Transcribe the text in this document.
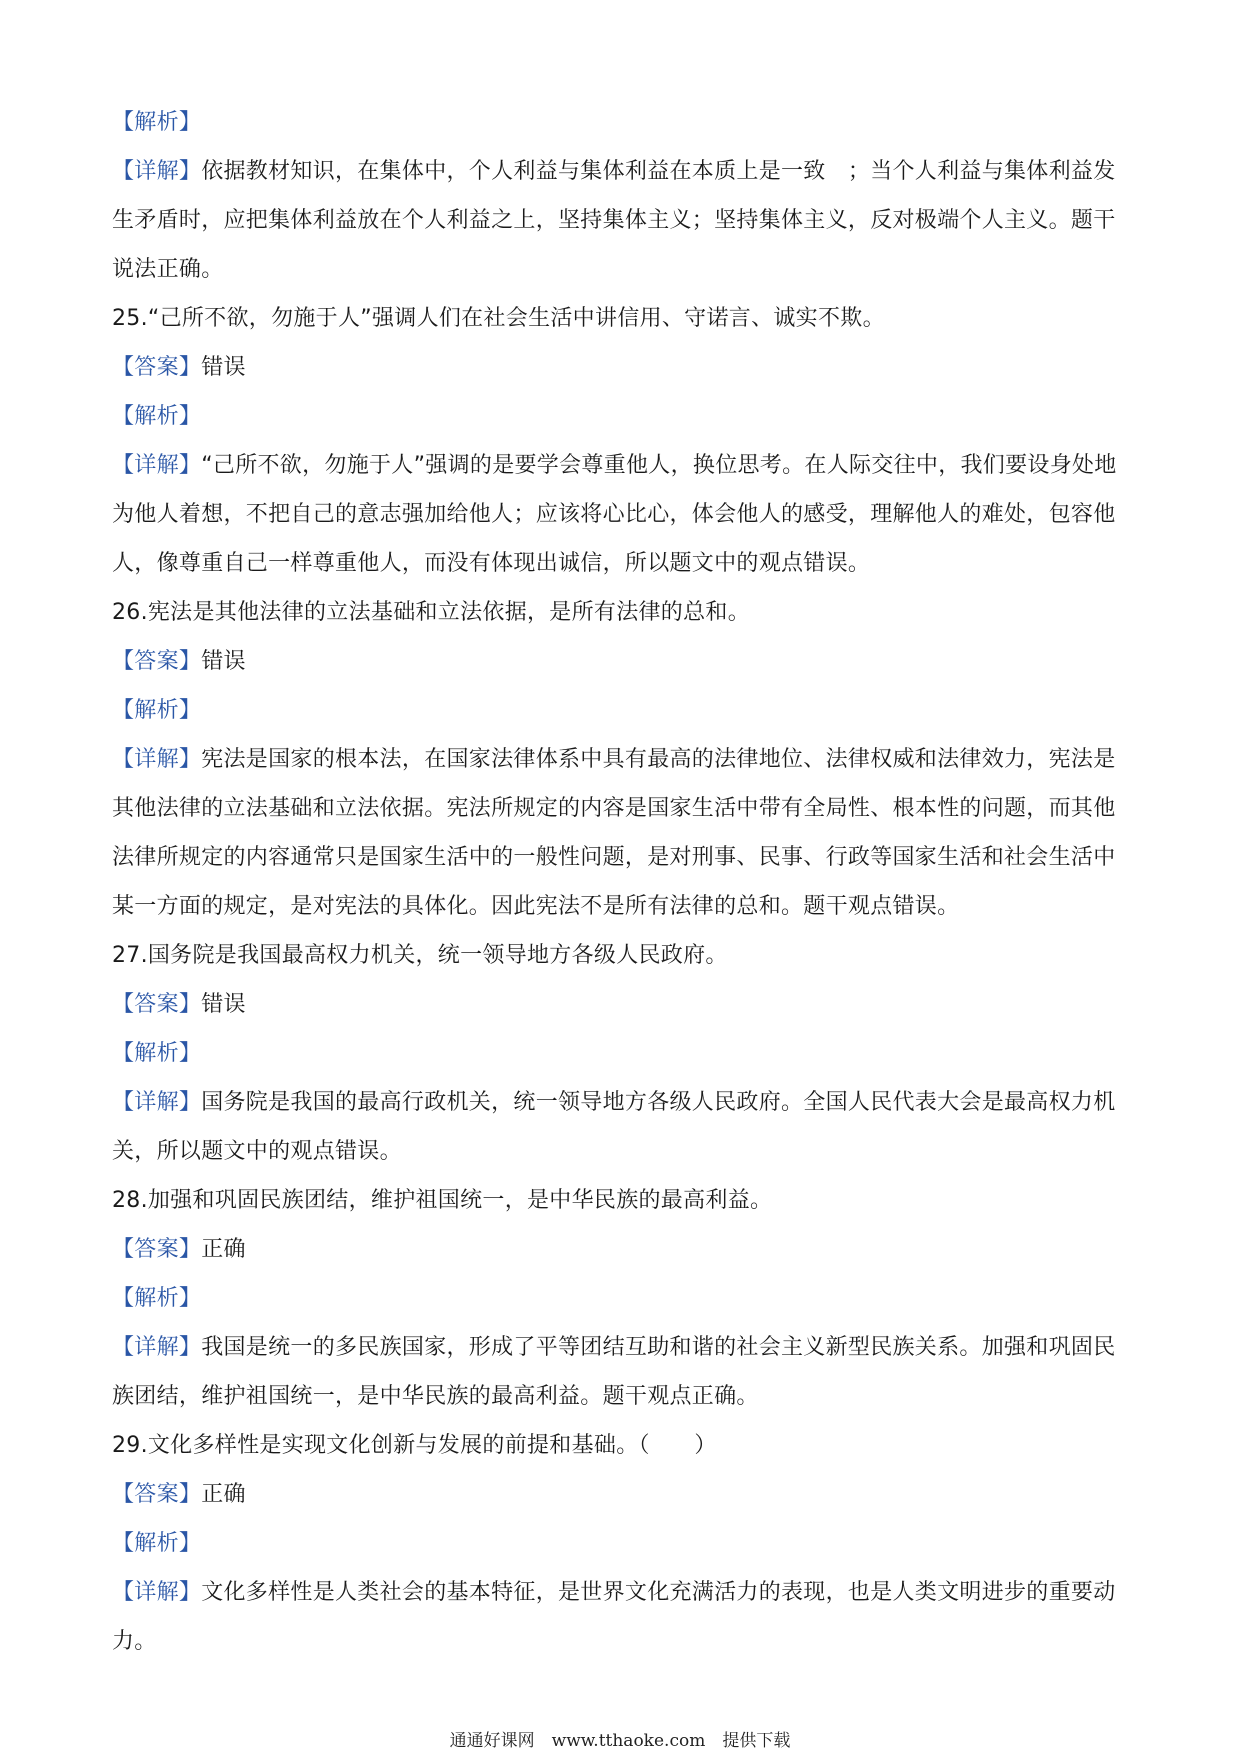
【解析】

【详解】依据教材知识，在集体中，个人利益与集体利益在本质上是一致　；当个人利益与集体利益发生矛盾时，应把集体利益放在个人利益之上，坚持集体主义；坚持集体主义，反对极端个人主义。题干说法正确。

25.“己所不欲，勿施于人”强调人们在社会生活中讲信用、守诺言、诚实不欺。

【答案】错误

【解析】

【详解】“己所不欲，勿施于人”强调的是要学会尊重他人，换位思考。在人际交往中，我们要设身处地为他人着想，不把自己的意志强加给他人；应该将心比心，体会他人的感受，理解他人的难处，包容他人，像尊重自己一样尊重他人，而没有体现出诚信，所以题文中的观点错误。

26.宪法是其他法律的立法基础和立法依据，是所有法律的总和。

【答案】错误

【解析】

【详解】宪法是国家的根本法，在国家法律体系中具有最高的法律地位、法律权威和法律效力，宪法是其他法律的立法基础和立法依据。宪法所规定的内容是国家生活中带有全局性、根本性的问题，而其他法律所规定的内容通常只是国家生活中的一般性问题，是对刑事、民事、行政等国家生活和社会生活中某一方面的规定，是对宪法的具体化。因此宪法不是所有法律的总和。题干观点错误。

27.国务院是我国最高权力机关，统一领导地方各级人民政府。

【答案】错误

【解析】

【详解】国务院是我国的最高行政机关，统一领导地方各级人民政府。全国人民代表大会是最高权力机关，所以题文中的观点错误。

28.加强和巩固民族团结，维护祖国统一，是中华民族的最高利益。

【答案】正确

【解析】

【详解】我国是统一的多民族国家，形成了平等团结互助和谐的社会主义新型民族关系。加强和巩固民族团结，维护祖国统一，是中华民族的最高利益。题干观点正确。

29.文化多样性是实现文化创新与发展的前提和基础。（　　）

【答案】正确

【解析】

【详解】文化多样性是人类社会的基本特征，是世界文化充满活力的表现，也是人类文明进步的重要动力。

通通好课网　www.tthaoke.com　提供下载
